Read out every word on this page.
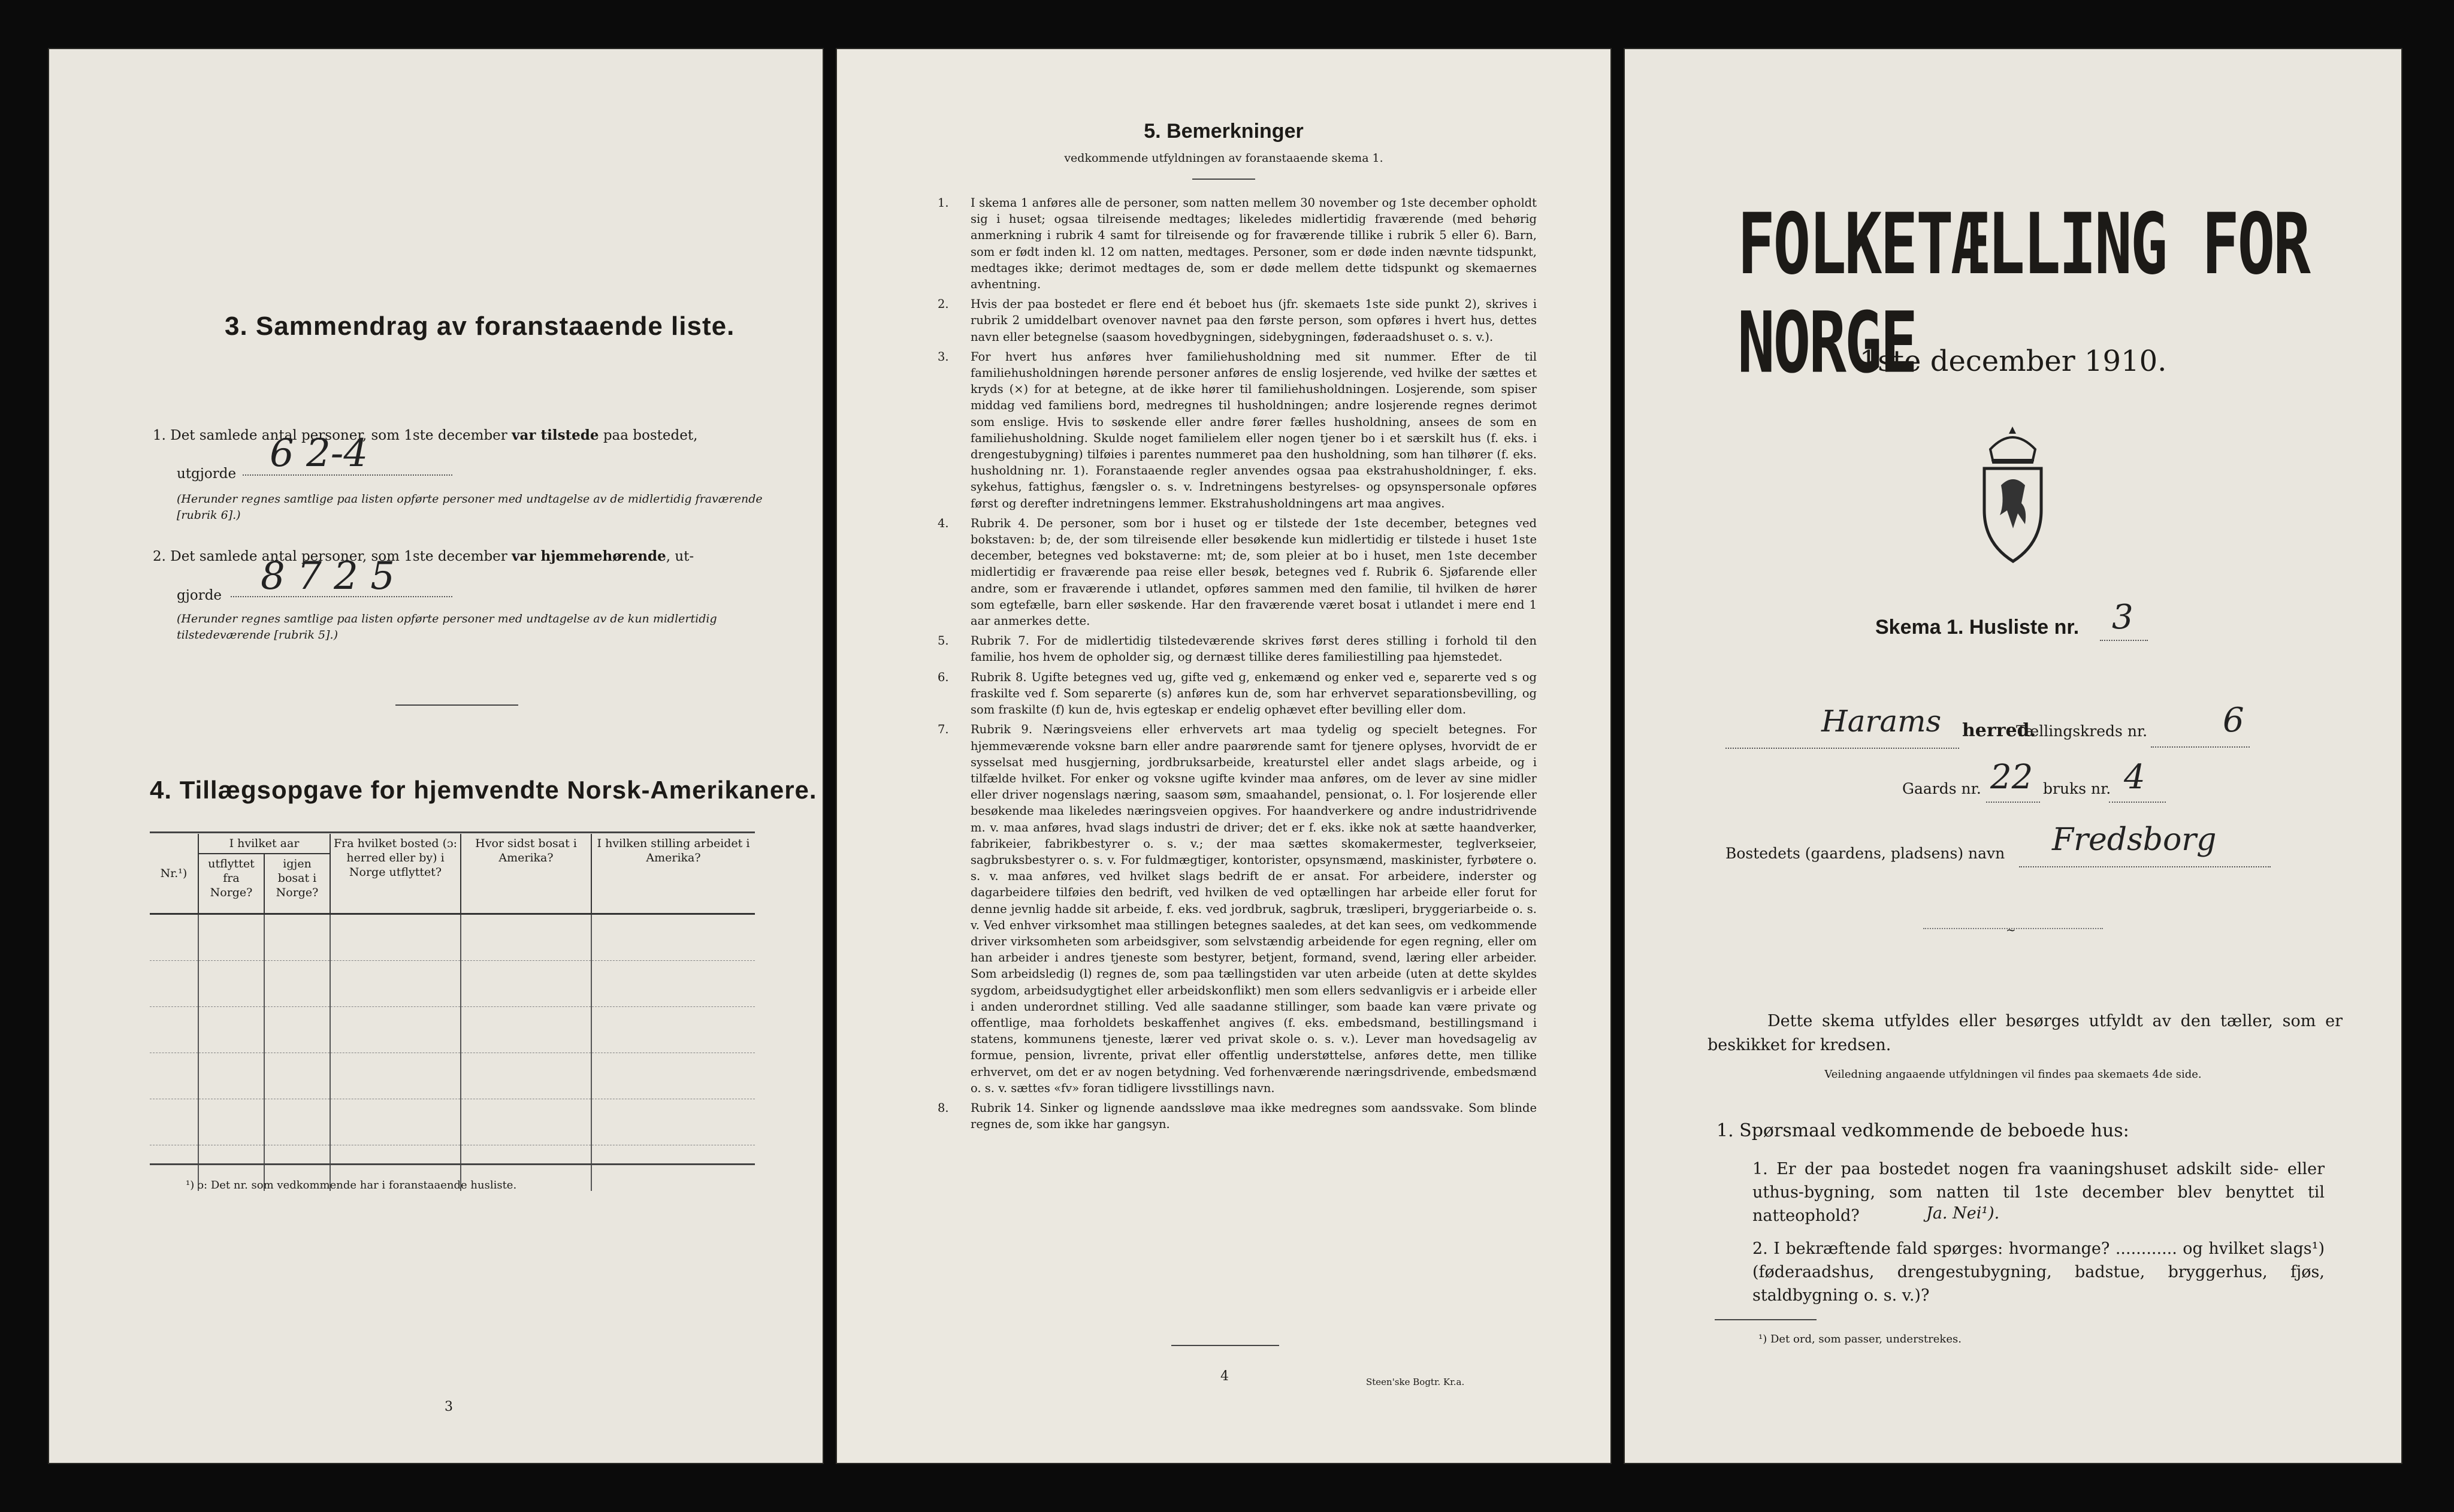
3. Sammendrag av foranstaaende liste.
1. Det samlede antal personer, som 1ste december var tilstede paa bostedet,
utgjorde 6 2-4
(Herunder regnes samtlige paa listen opførte personer med undtagelse av de midlertidig fraværende [rubrik 6].)
2. Det samlede antal personer, som 1ste december var hjemmehørende, ut-
gjorde 8 7 2 5
(Herunder regnes samtlige paa listen opførte personer med undtagelse av de kun midlertidig tilstedeværende [rubrik 5].)
4. Tillægsopgave for hjemvendte Norsk-Amerikanere.
Nr.¹)	I hvilket aar		Fra hvilket bosted (ɔ: herred eller by) i Norge utflyttet?	Hvor sidst bosat i Amerika?	I hvilken stilling arbeidet i Amerika?
	utflyttet fra Norge?	igjen bosat i Norge?			

¹) ɔ: Det nr. som vedkommende har i foranstaaende husliste.
3
5. Bemerkninger
vedkommende utfyldningen av foranstaaende skema 1.
1. I skema 1 anføres alle de personer, som natten mellem 30 november og 1ste december opholdt sig i huset; ogsaa tilreisende medtages; likeledes midlertidig fraværende (med behørig anmerkning i rubrik 4 samt for tilreisende og for fraværende tillike i rubrik 5 eller 6). Barn, som er født inden kl. 12 om natten, medtages. Personer, som er døde inden nævnte tidspunkt, medtages ikke; derimot medtages de, som er døde mellem dette tidspunkt og skemaernes avhentning.
2. Hvis der paa bostedet er flere end ét beboet hus (jfr. skemaets 1ste side punkt 2), skrives i rubrik 2 umiddelbart ovenover navnet paa den første person, som opføres i hvert hus, dettes navn eller betegnelse (saasom hovedbygningen, sidebygningen, føderaadshuset o. s. v.).
3. For hvert hus anføres hver familiehusholdning med sit nummer. Efter de til familiehusholdningen hørende personer anføres de enslig losjerende, ved hvilke der sættes et kryds (×) for at betegne, at de ikke hører til familiehusholdningen. Losjerende, som spiser middag ved familiens bord, medregnes til husholdningen; andre losjerende regnes derimot som enslige. Hvis to søskende eller andre fører fælles husholdning, ansees de som en familiehusholdning. Skulde noget familielem eller nogen tjener bo i et særskilt hus (f. eks. i drengestubygning) tilføies i parentes nummeret paa den husholdning, som han tilhører (f. eks. husholdning nr. 1). Foranstaaende regler anvendes ogsaa paa ekstrahusholdninger, f. eks. sykehus, fattighus, fængsler o. s. v. Indretningens bestyrelses- og opsynspersonale opføres først og derefter indretningens lemmer. Ekstrahusholdningens art maa angives.
4. Rubrik 4. De personer, som bor i huset og er tilstede der 1ste december, betegnes ved bokstaven: b; de, der som tilreisende eller besøkende kun midlertidig er tilstede i huset 1ste december, betegnes ved bokstaverne: mt; de, som pleier at bo i huset, men 1ste december midlertidig er fraværende paa reise eller besøk, betegnes ved f. Rubrik 6. Sjøfarende eller andre, som er fraværende i utlandet, opføres sammen med den familie, til hvilken de hører som egtefælle, barn eller søskende. Har den fraværende været bosat i utlandet i mere end 1 aar anmerkes dette.
5. Rubrik 7. For de midlertidig tilstedeværende skrives først deres stilling i forhold til den familie, hos hvem de opholder sig, og dernæst tillike deres familiestilling paa hjemstedet.
6. Rubrik 8. Ugifte betegnes ved ug, gifte ved g, enkemænd og enker ved e, separerte ved s og fraskilte ved f. Som separerte (s) anføres kun de, som har erhvervet separationsbevilling, og som fraskilte (f) kun de, hvis egteskap er endelig ophævet efter bevilling eller dom.
7. Rubrik 9. Næringsveiens eller erhvervets art maa tydelig og specielt betegnes. For hjemmeværende voksne barn eller andre paarørende samt for tjenere oplyses, hvorvidt de er sysselsat med husgjerning, jordbruksarbeide, kreaturstel eller andet slags arbeide, og i tilfælde hvilket. For enker og voksne ugifte kvinder maa anføres, om de lever av sine midler eller driver nogenslags næring, saasom søm, smaahandel, pensionat, o. l. For losjerende eller besøkende maa likeledes næringsveien opgives. For haandverkere og andre industridrivende m. v. maa anføres, hvad slags industri de driver; det er f. eks. ikke nok at sætte haandverker, fabrikeier, fabrikbestyrer o. s. v.; der maa sættes skomakermester, teglverkseier, sagbruksbestyrer o. s. v. For fuldmægtiger, kontorister, opsynsmænd, maskinister, fyrbøtere o. s. v. maa anføres, ved hvilket slags bedrift de er ansat. For arbeidere, inderster og dagarbeidere tilføies den bedrift, ved hvilken de ved optællingen har arbeide eller forut for denne jevnlig hadde sit arbeide, f. eks. ved jordbruk, sagbruk, træsliperi, bryggeriarbeide o. s. v. Ved enhver virksomhet maa stillingen betegnes saaledes, at det kan sees, om vedkommende driver virksomheten som arbeidsgiver, som selvstændig arbeidende for egen regning, eller om han arbeider i andres tjeneste som bestyrer, betjent, formand, svend, læring eller arbeider. Som arbeidsledig (l) regnes de, som paa tællingstiden var uten arbeide (uten at dette skyldes sygdom, arbeidsudygtighet eller arbeidskonflikt) men som ellers sedvanligvis er i arbeide eller i anden underordnet stilling. Ved alle saadanne stillinger, som baade kan være private og offentlige, maa forholdets beskaffenhet angives (f. eks. embedsmand, bestillingsmand i statens, kommunens tjeneste, lærer ved privat skole o. s. v.). Lever man hovedsagelig av formue, pension, livrente, privat eller offentlig understøttelse, anføres dette, men tillike erhvervet, om det er av nogen betydning. Ved forhenværende næringsdrivende, embedsmænd o. s. v. sættes «fv» foran tidligere livsstillings navn.
8. Rubrik 14. Sinker og lignende aandssløve maa ikke medregnes som aandssvake. Som blinde regnes de, som ikke har gangsyn.
4	Steen'ske Bogtr. Kr.a.
FOLKETÆLLING FOR NORGE
1ste december 1910.
Skema 1. Husliste nr. 3
Harams herred.
Tællingskreds nr. 6
Gaards nr. 22 bruks nr. 4
Bostedets (gaardens, pladsens) navn Fredsborg
~
Dette skema utfyldes eller besørges utfyldt av den tæller, som er beskikket for kredsen.
Veiledning angaaende utfyldningen vil findes paa skemaets 4de side.
1. Spørsmaal vedkommende de beboede hus:
1. Er der paa bostedet nogen fra vaaningshuset adskilt side- eller uthus-bygning, som natten til 1ste december blev benyttet til natteophold?	Ja. Nei¹).
2. I bekræftende fald spørges: hvormange? ............ og hvilket slags¹) (føderaadshus, drengestubygning, badstue, bryggerhus, fjøs, staldbygning o. s. v.)?
¹) Det ord, som passer, understrekes.
